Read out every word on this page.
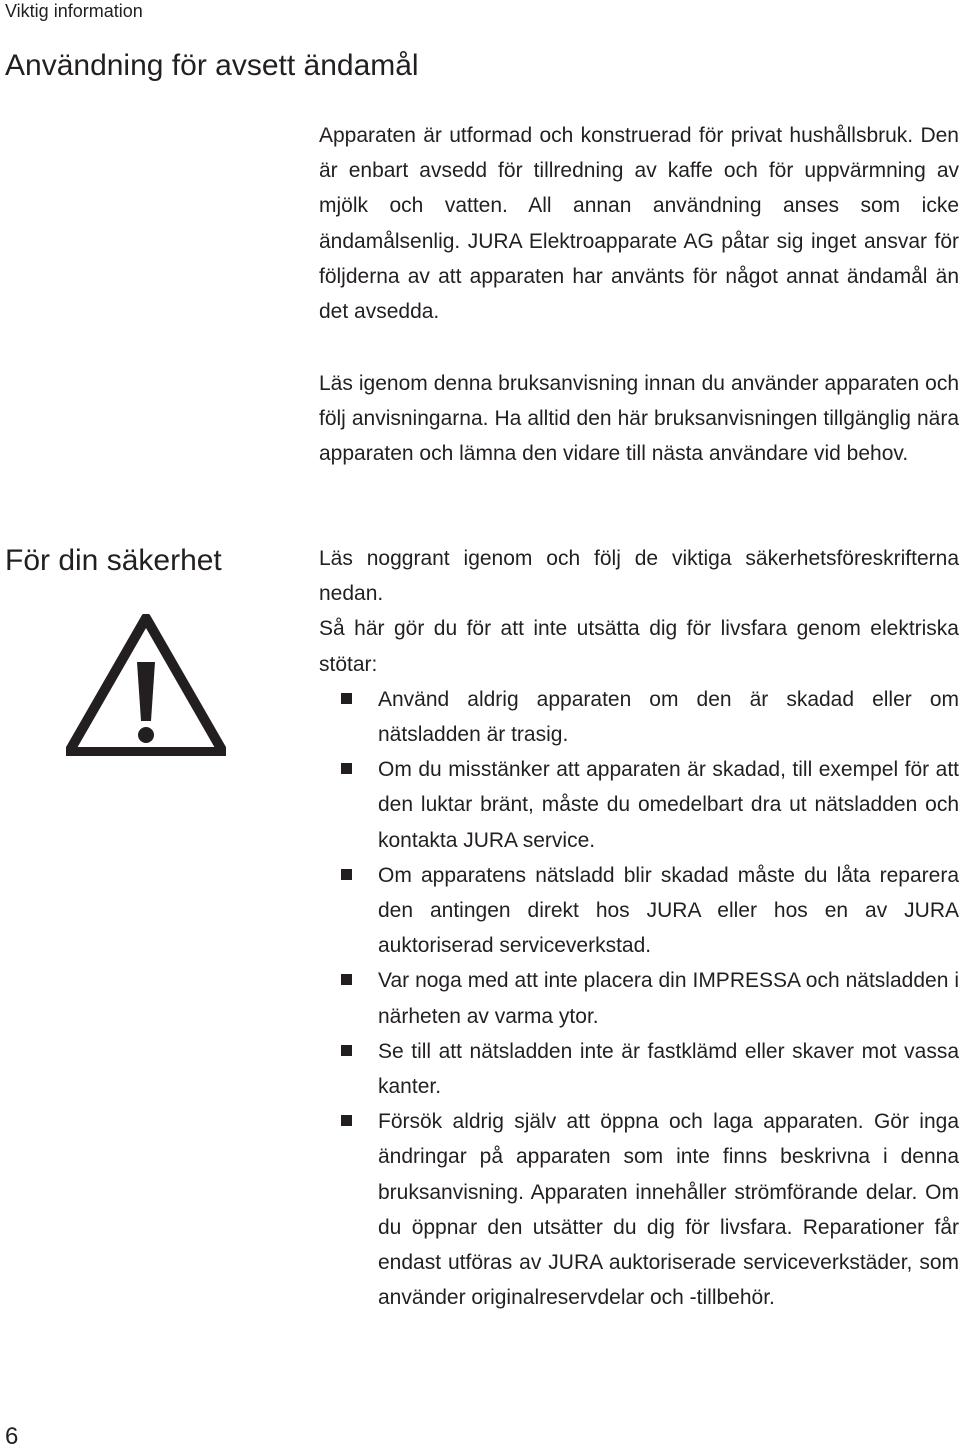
Viktig information
Användning för avsett ändamål

Apparaten är utformad och konstruerad för privat hushållsbruk. Den är enbart avsedd för tillredning av kaffe och för uppvärmning av mjölk och vatten. All annan användning anses som icke ändamålsenlig. JURA Elektroapparate AG påtar sig inget ansvar för följderna av att apparaten har använts för något annat ändamål än det avsedda.

Läs igenom denna bruksanvisning innan du använder apparaten och följ anvisningarna. Ha alltid den här bruksanvisningen tillgänglig nära apparaten och lämna den vidare till nästa användare vid behov.

För din säkerhet	Läs noggrant igenom och följ de viktiga säkerhetsföreskrifterna nedan.

Så här gör du för att inte utsätta dig för livsfara genom elektriska stötar:

Använd aldrig apparaten om den är skadad eller om nätsladden är trasig.
Om du misstänker att apparaten är skadad, till exempel för att den luktar bränt, måste du omedelbart dra ut nätsladden och kontakta JURA service.
Om apparatens nätsladd blir skadad måste du låta reparera den antingen direkt hos JURA eller hos en av JURA auktoriserad serviceverkstad.
Var noga med att inte placera din IMPRESSA och nätsladden i närheten av varma ytor.
Se till att nätsladden inte är fastklämd eller skaver mot vassa kanter.
Försök aldrig själv att öppna och laga apparaten. Gör inga ändringar på apparaten som inte finns beskrivna i denna bruksanvisning. Apparaten innehåller strömförande delar. Om du öppnar den utsätter du dig för livsfara. Reparationer får endast utföras av JURA auktoriserade serviceverkstäder, som använder originalreservdelar och -tillbehör.
6
